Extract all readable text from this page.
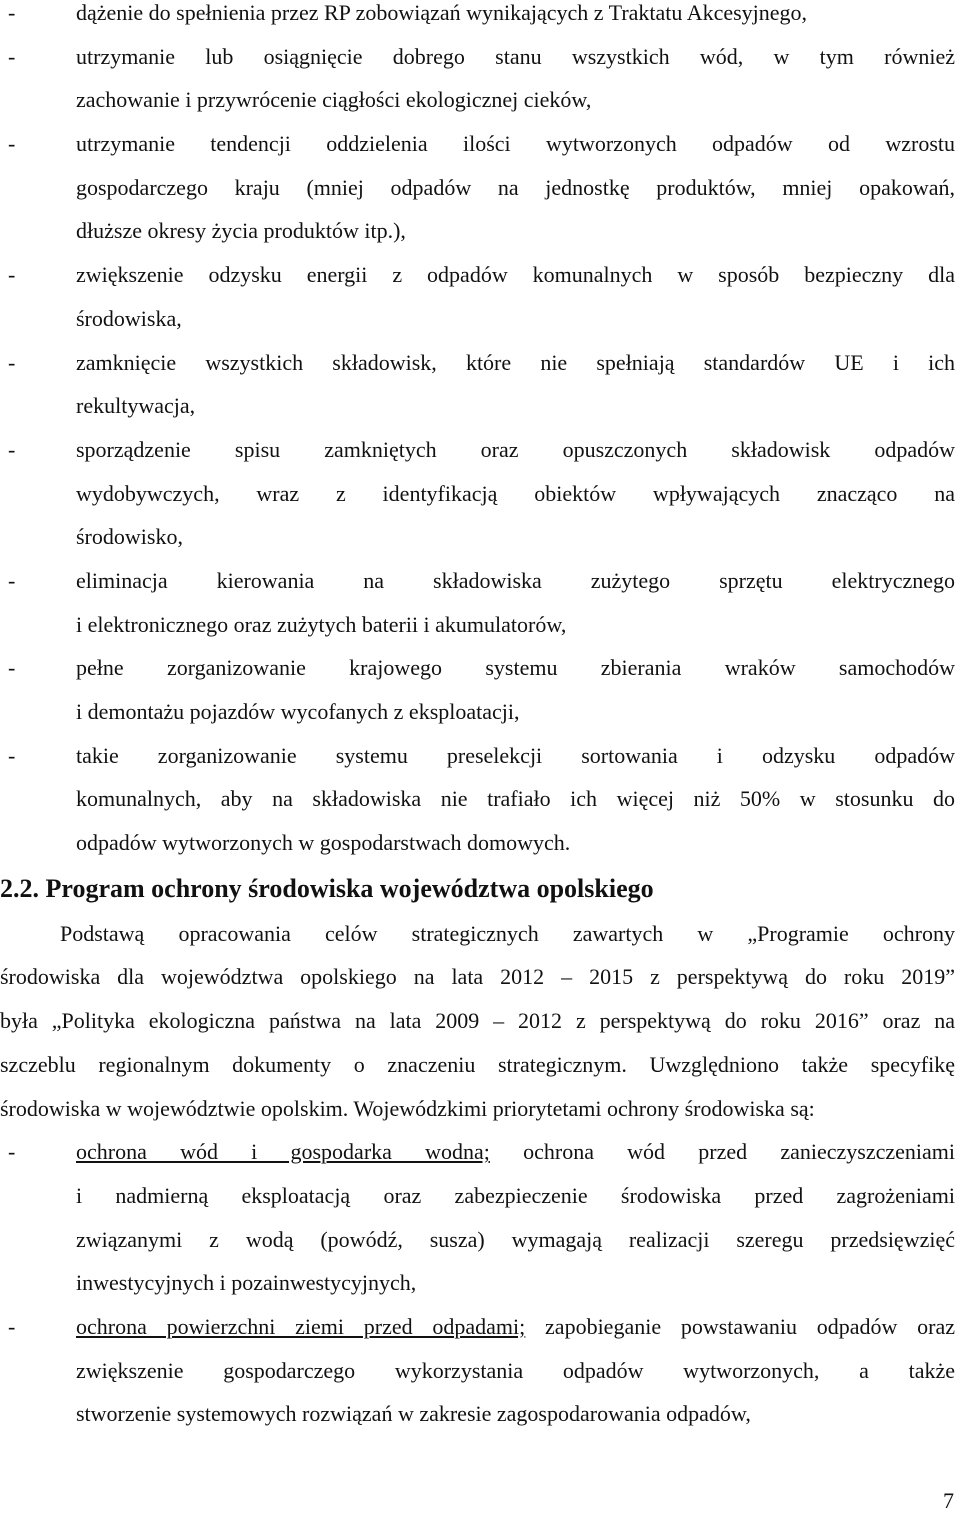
-	dążenie do spełnienia przez RP zobowiązań wynikających z Traktatu Akcesyjnego,
-	utrzymanie lub osiągnięcie dobrego stanu wszystkich wód, w tym również
zachowanie i przywrócenie ciągłości ekologicznej cieków,
-	utrzymanie tendencji oddzielenia ilości wytworzonych odpadów od wzrostu
gospodarczego kraju (mniej odpadów na jednostkę produktów, mniej opakowań,
dłuższe okresy życia produktów itp.),
-	zwiększenie odzysku energii z odpadów komunalnych w sposób bezpieczny dla
środowiska,
-	zamknięcie wszystkich składowisk, które nie spełniają standardów UE i ich
rekultywacja,
-	sporządzenie spisu zamkniętych oraz opuszczonych składowisk odpadów
wydobywczych, wraz z identyfikacją obiektów wpływających znacząco na
środowisko,
-	eliminacja kierowania na składowiska zużytego sprzętu elektrycznego
i elektronicznego oraz zużytych baterii i akumulatorów,
-	pełne zorganizowanie krajowego systemu zbierania wraków samochodów
i demontażu pojazdów wycofanych z eksploatacji,
-	takie zorganizowanie systemu preselekcji sortowania i odzysku odpadów
komunalnych, aby na składowiska nie trafiało ich więcej niż 50% w stosunku do
odpadów wytworzonych w gospodarstwach domowych.
2.2. Program ochrony środowiska województwa opolskiego
Podstawą opracowania celów strategicznych zawartych w „Programie ochrony
środowiska dla województwa opolskiego na lata 2012 – 2015 z perspektywą do roku 2019”
była „Polityka ekologiczna państwa na lata 2009 – 2012 z perspektywą do roku 2016” oraz na
szczeblu regionalnym dokumenty o znaczeniu strategicznym. Uwzględniono także specyfikę
środowiska w województwie opolskim. Wojewódzkimi priorytetami ochrony środowiska są:
-	ochrona wód i gospodarka wodna; ochrona wód przed zanieczyszczeniami
i nadmierną eksploatacją oraz zabezpieczenie środowiska przed zagrożeniami
związanymi z wodą (powódź, susza) wymagają realizacji szeregu przedsięwzięć
inwestycyjnych i pozainwestycyjnych,
-	ochrona powierzchni ziemi przed odpadami; zapobieganie powstawaniu odpadów oraz
zwiększenie gospodarczego wykorzystania odpadów wytworzonych, a także
stworzenie systemowych rozwiązań w zakresie zagospodarowania odpadów,
7
